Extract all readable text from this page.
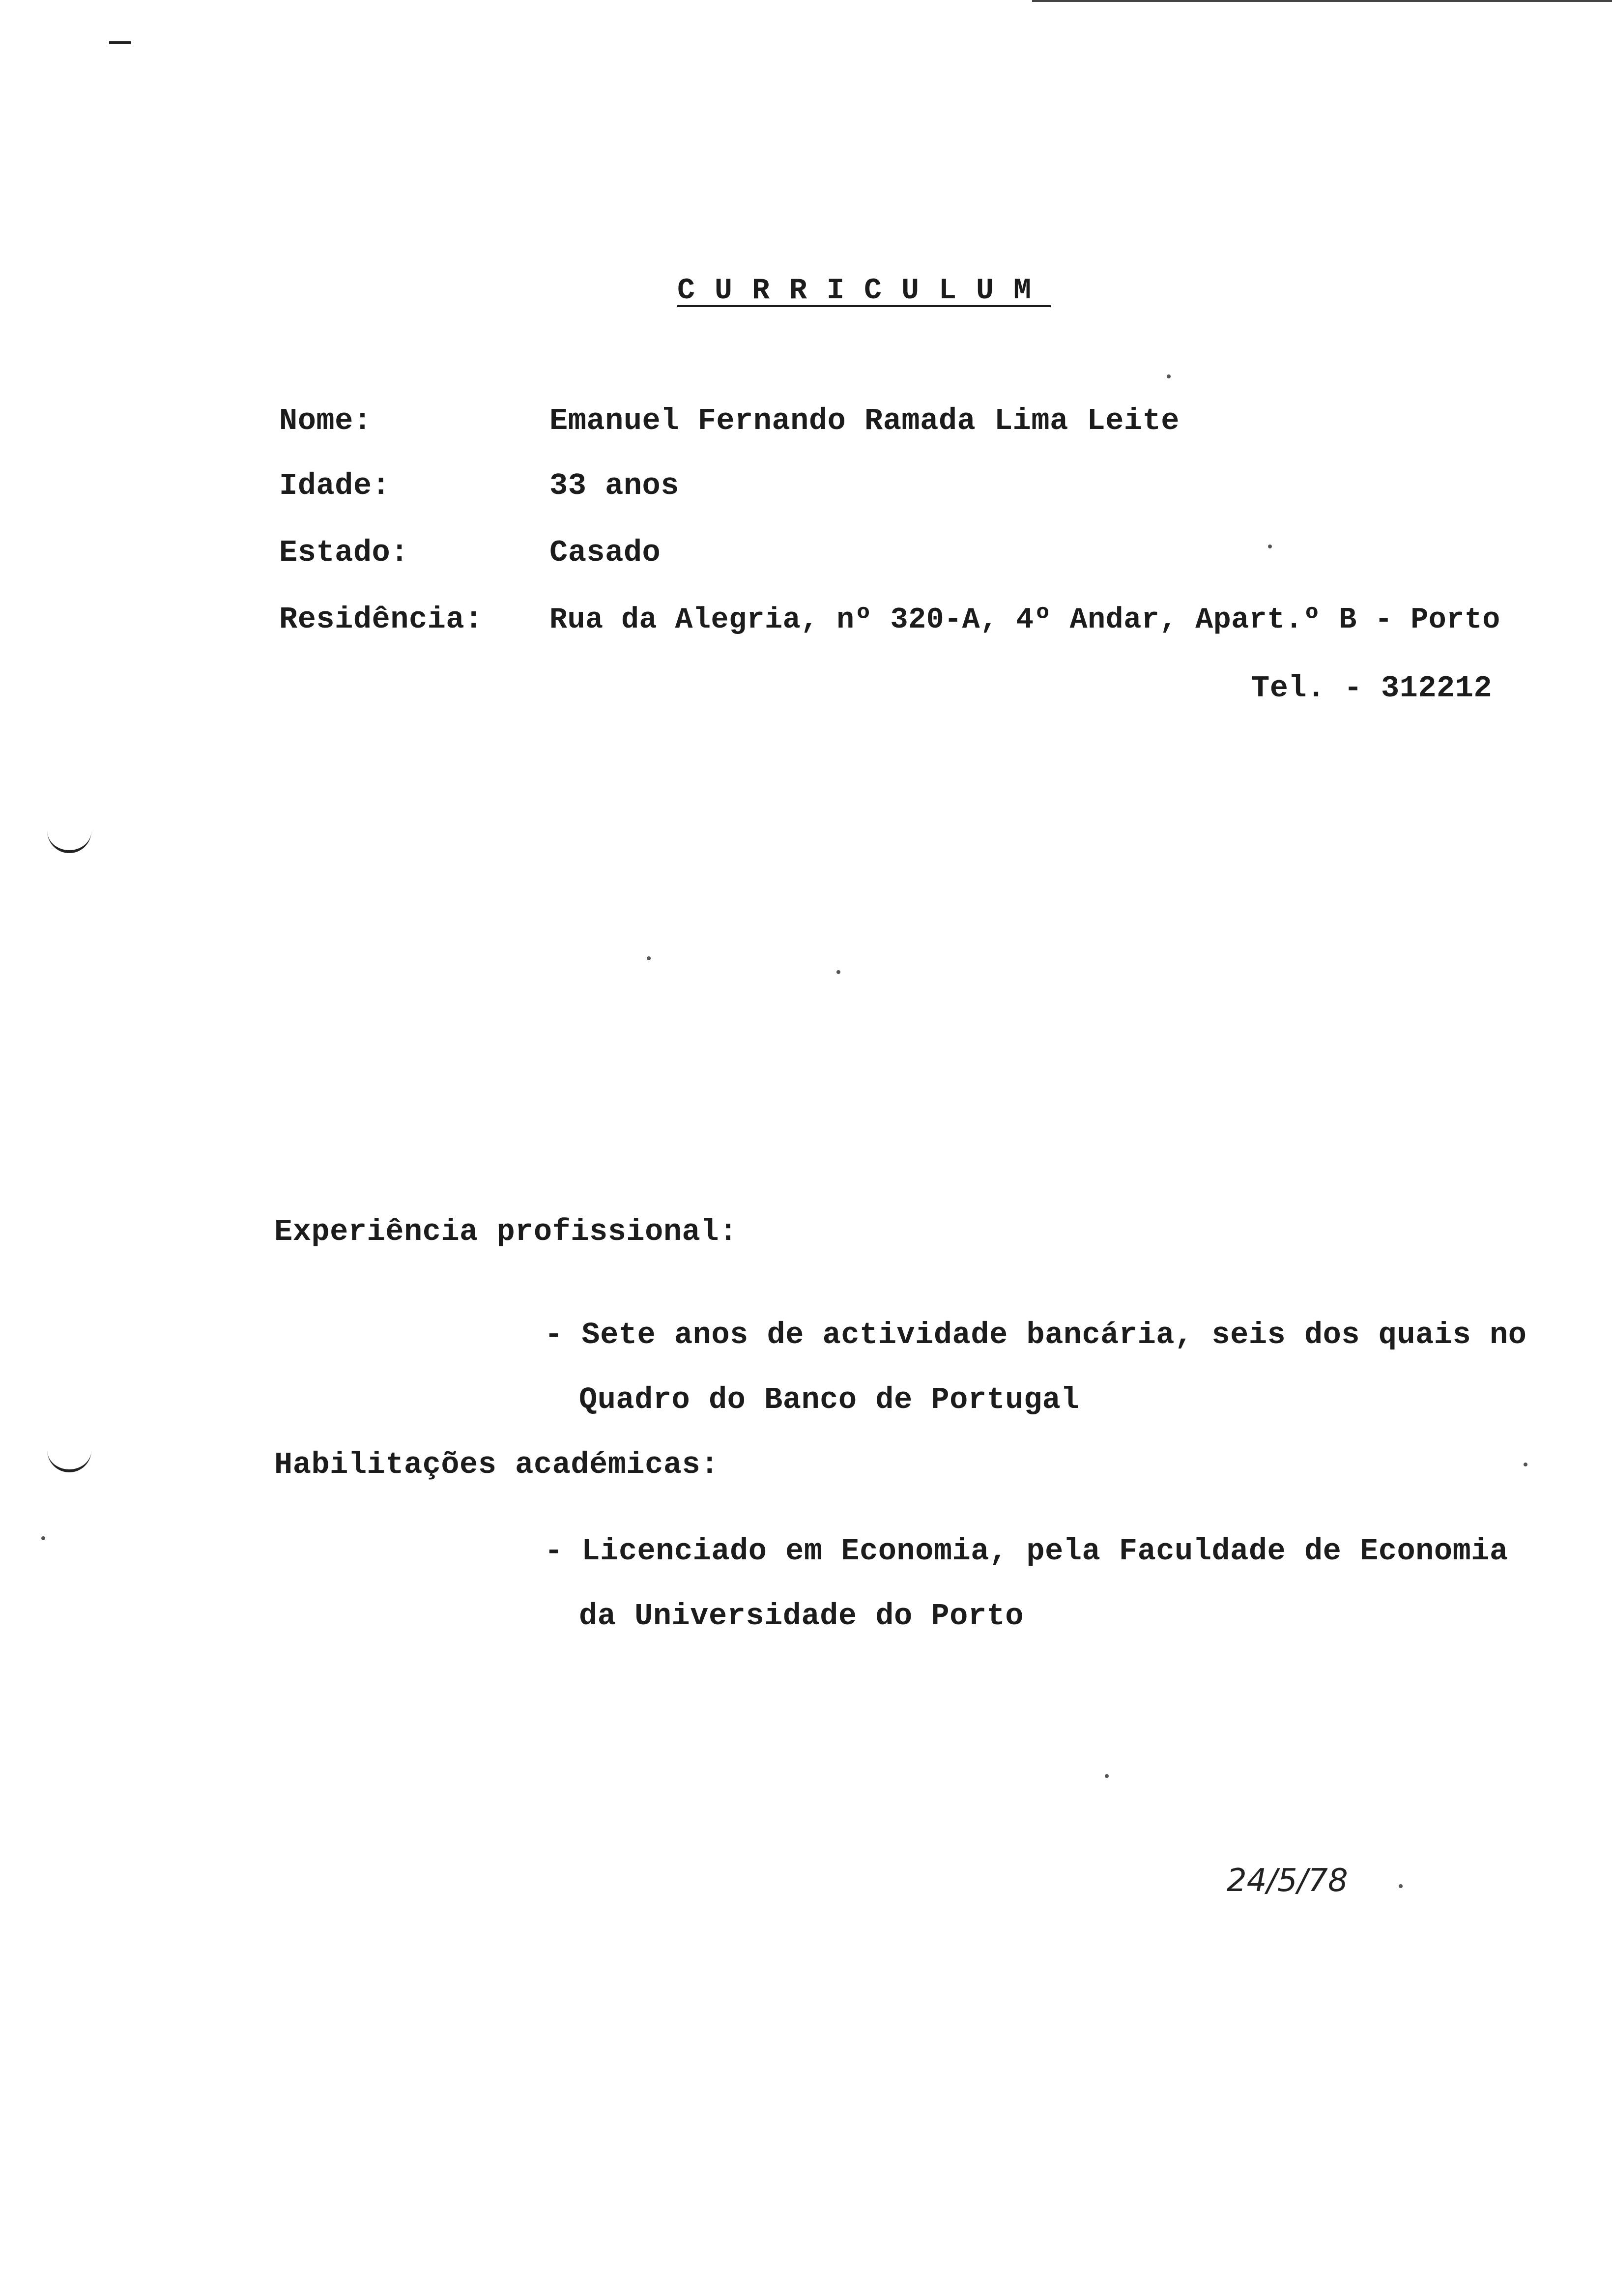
CURRICULUM
Nome:	Emanuel Fernando Ramada Lima Leite
Idade:	33 anos
Estado:	Casado
Residência: Rua da Alegria, nº 320-A, 4º Andar, Apart.º B - Porto
Tel. - 312212
Experiência profissional:
- Sete anos de actividade bancária, seis dos quais no
Quadro do Banco de Portugal
Habilitações académicas:
- Licenciado em Economia, pela Faculdade de Economia
da Universidade do Porto
24/5/78
